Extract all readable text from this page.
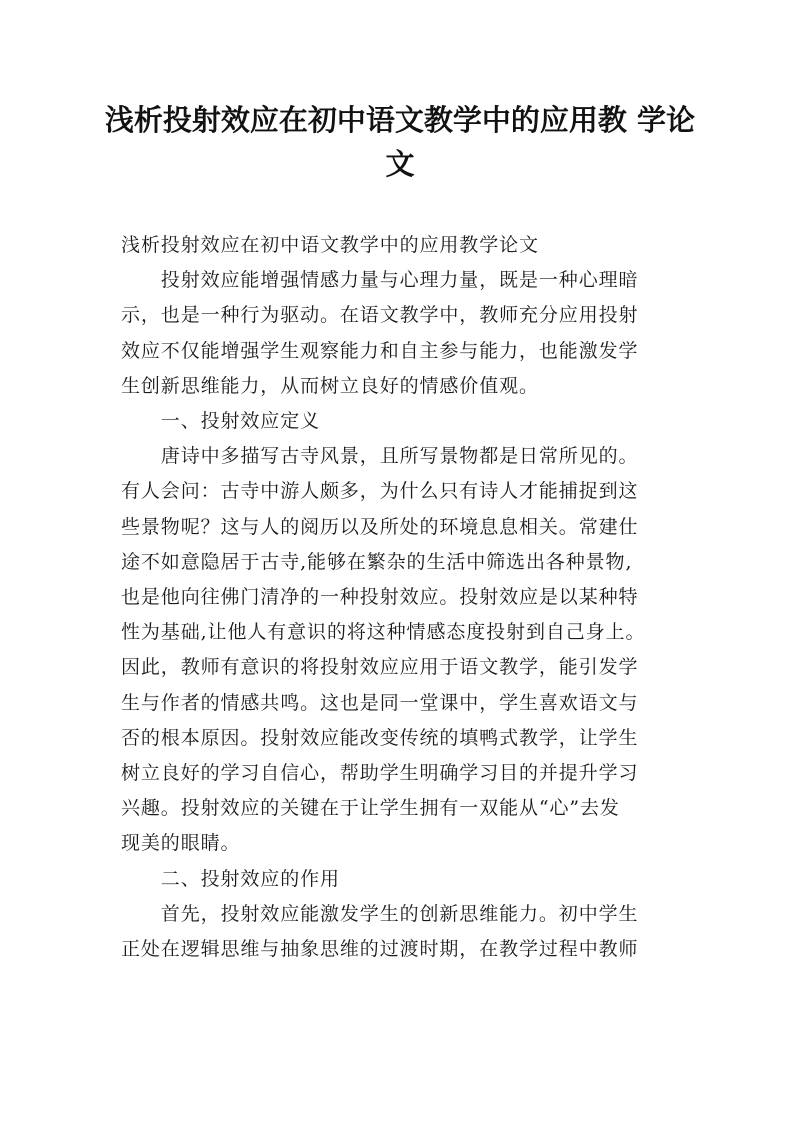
浅析投射效应在初中语文教学中的应用教 学论文

浅析投射效应在初中语文教学中的应用教学论文

　　投射效应能增强情感力量与心理力量，既是一种心理暗
示，也是一种行为驱动。在语文教学中，教师充分应用投射
效应不仅能增强学生观察能力和自主参与能力，也能激发学
生创新思维能力，从而树立良好的情感价值观。

　　一、投射效应定义

　　唐诗中多描写古寺风景，且所写景物都是日常所见的。
有人会问：古寺中游人颇多，为什么只有诗人才能捕捉到这
些景物呢？这与人的阅历以及所处的环境息息相关。常建仕
途不如意隐居于古寺,能够在繁杂的生活中筛选出各种景物,
也是他向往佛门清净的一种投射效应。投射效应是以某种特
性为基础,让他人有意识的将这种情感态度投射到自己身上。
因此，教师有意识的将投射效应应用于语文教学，能引发学
生与作者的情感共鸣。这也是同一堂课中，学生喜欢语文与
否的根本原因。投射效应能改变传统的填鸭式教学，让学生
树立良好的学习自信心，帮助学生明确学习目的并提升学习
兴趣。投射效应的关键在于让学生拥有一双能从“心”去发
现美的眼睛。

　　二、投射效应的作用

　　首先，投射效应能激发学生的创新思维能力。初中学生
正处在逻辑思维与抽象思维的过渡时期，在教学过程中教师
